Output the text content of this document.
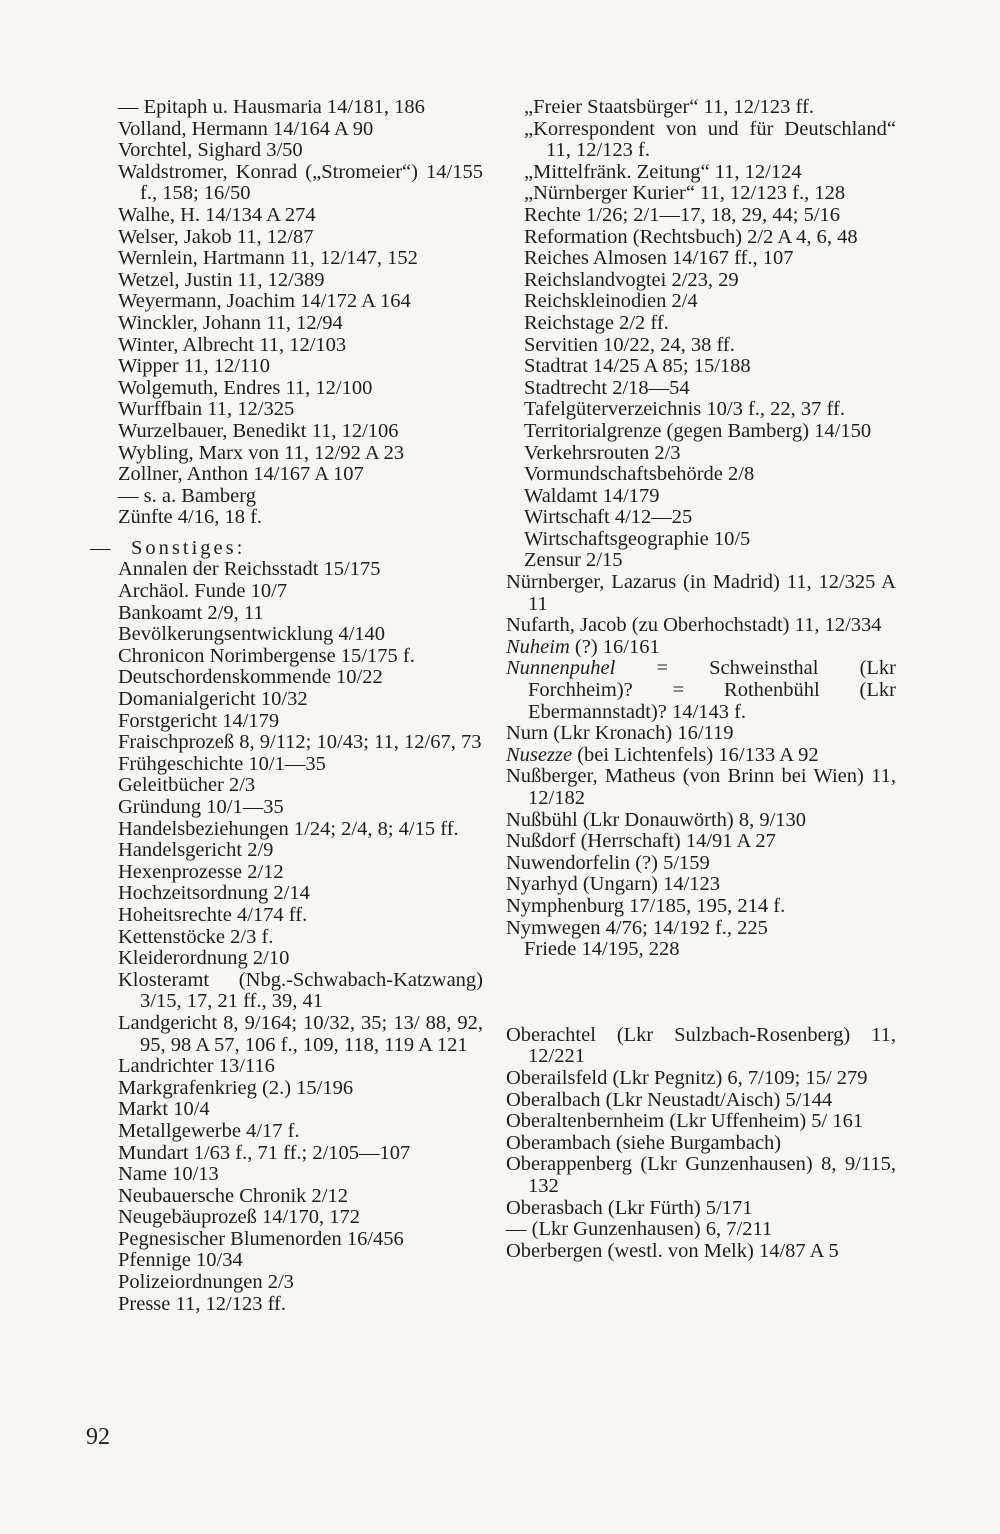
— Epitaph u. Hausmaria 14/181, 186
Volland, Hermann 14/164 A 90
Vorchtel, Sighard 3/50
Waldstromer, Konrad („Stromeier“) 14/155 f., 158; 16/50
Walhe, H. 14/134 A 274
Welser, Jakob 11, 12/87
Wernlein, Hartmann 11, 12/147, 152
Wetzel, Justin 11, 12/389
Weyermann, Joachim 14/172 A 164
Winckler, Johann 11, 12/94
Winter, Albrecht 11, 12/103
Wipper 11, 12/110
Wolgemuth, Endres 11, 12/100
Wurffbain 11, 12/325
Wurzelbauer, Benedikt 11, 12/106
Wybling, Marx von 11, 12/92 A 23
Zollner, Anthon 14/167 A 107
— s. a. Bamberg
Zünfte 4/16, 18 f.
— Sonstiges:
Annalen der Reichsstadt 15/175
Archäol. Funde 10/7
Bankoamt 2/9, 11
Bevölkerungsentwicklung 4/140
Chronicon Norimbergense 15/175 f.
Deutschordenskommende 10/22
Domanialgericht 10/32
Forstgericht 14/179
Fraischprozeß 8, 9/112; 10/43; 11, 12/67, 73
Frühgeschichte 10/1—35
Geleitbücher 2/3
Gründung 10/1—35
Handelsbeziehungen 1/24; 2/4, 8; 4/15 ff.
Handelsgericht 2/9
Hexenprozesse 2/12
Hochzeitsordnung 2/14
Hoheitsrechte 4/174 ff.
Kettenstöcke 2/3 f.
Kleiderordnung 2/10
Klosteramt (Nbg.-Schwabach-Katzwang) 3/15, 17, 21 ff., 39, 41
Landgericht 8, 9/164; 10/32, 35; 13/ 88, 92, 95, 98 A 57, 106 f., 109, 118, 119 A 121
Landrichter 13/116
Markgrafenkrieg (2.) 15/196
Markt 10/4
Metallgewerbe 4/17 f.
Mundart 1/63 f., 71 ff.; 2/105—107
Name 10/13
Neubauersche Chronik 2/12
Neugebäuprozeß 14/170, 172
Pegnesischer Blumenorden 16/456
Pfennige 10/34
Polizeiordnungen 2/3
Presse 11, 12/123 ff.
„Freier Staatsbürger“ 11, 12/123 ff.
„Korrespondent von und für Deutschland“ 11, 12/123 f.
„Mittelfränk. Zeitung“ 11, 12/124
„Nürnberger Kurier“ 11, 12/123 f., 128
Rechte 1/26; 2/1—17, 18, 29, 44; 5/16
Reformation (Rechtsbuch) 2/2 A 4, 6, 48
Reiches Almosen 14/167 ff., 107
Reichslandvogtei 2/23, 29
Reichskleinodien 2/4
Reichstage 2/2 ff.
Servitien 10/22, 24, 38 ff.
Stadtrat 14/25 A 85; 15/188
Stadtrecht 2/18—54
Tafelgüterverzeichnis 10/3 f., 22, 37 ff.
Territorialgrenze (gegen Bamberg) 14/150
Verkehrsrouten 2/3
Vormundschaftsbehörde 2/8
Waldamt 14/179
Wirtschaft 4/12—25
Wirtschaftsgeographie 10/5
Zensur 2/15
Nürnberger, Lazarus (in Madrid) 11, 12/325 A 11
Nufarth, Jacob (zu Oberhochstadt) 11, 12/334
Nuheim (?) 16/161
Nunnenpuhel = Schweinsthal (Lkr Forchheim)? = Rothenbühl (Lkr Ebermannstadt)? 14/143 f.
Nurn (Lkr Kronach) 16/119
Nusezze (bei Lichtenfels) 16/133 A 92
Nußberger, Matheus (von Brinn bei Wien) 11, 12/182
Nußbühl (Lkr Donauwörth) 8, 9/130
Nußdorf (Herrschaft) 14/91 A 27
Nuwendorfelin (?) 5/159
Nyarhyd (Ungarn) 14/123
Nymphenburg 17/185, 195, 214 f.
Nymwegen 4/76; 14/192 f., 225
Friede 14/195, 228
Oberachtel (Lkr Sulzbach-Rosenberg) 11, 12/221
Oberailsfeld (Lkr Pegnitz) 6, 7/109; 15/ 279
Oberalbach (Lkr Neustadt/Aisch) 5/144
Oberaltenbernheim (Lkr Uffenheim) 5/ 161
Oberambach (siehe Burgambach)
Oberappenberg (Lkr Gunzenhausen) 8, 9/115, 132
Oberasbach (Lkr Fürth) 5/171
— (Lkr Gunzenhausen) 6, 7/211
Oberbergen (westl. von Melk) 14/87 A 5
92
